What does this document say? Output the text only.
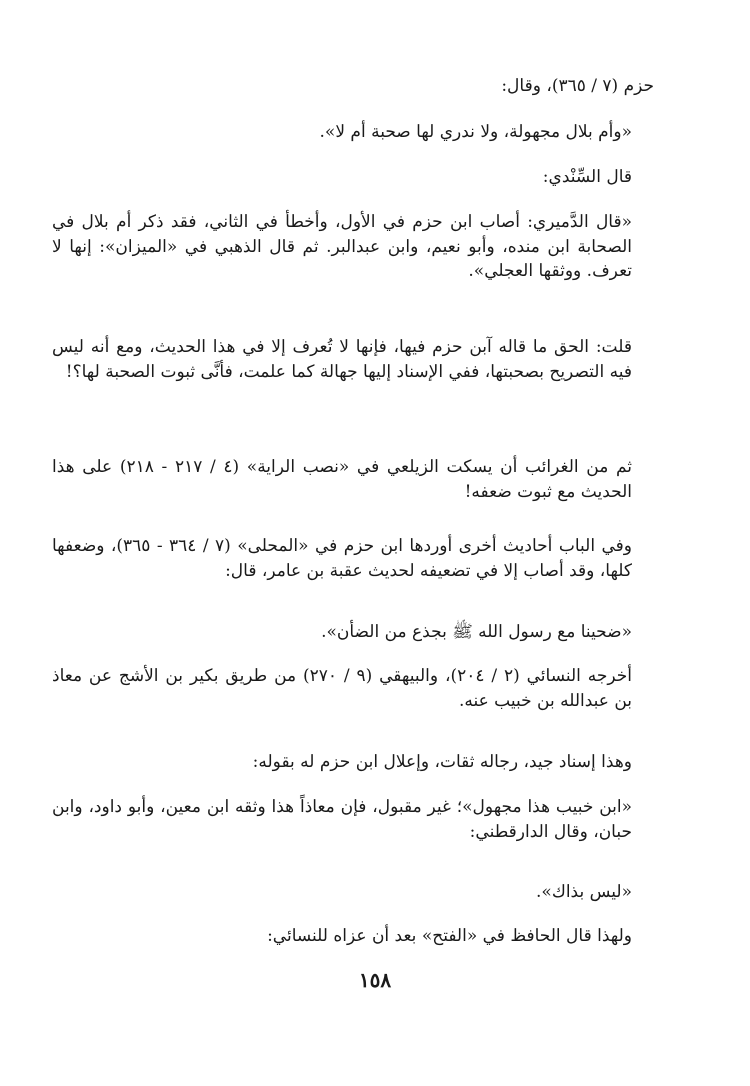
حزم (٧ / ٣٦٥)، وقال:
«وأم بلال مجهولة، ولا ندري لها صحبة أم لا».
قال السِّنْدي:
«قال الدَّميري: أصاب ابن حزم في الأول، وأخطأ في الثاني، فقد ذكر أم بلال في الصحابة ابن منده، وأبو نعيم، وابن عبدالبر. ثم قال الذهبي في «الميزان»: إنها لا تعرف. ووثقها العجلي».
قلت: الحق ما قاله آبن حزم فيها، فإنها لا تُعرف إلا في هذا الحديث، ومع أنه ليس فيه التصريح بصحبتها، ففي الإسناد إليها جهالة كما علمت، فأنَّى ثبوت الصحبة لها؟!
ثم من الغرائب أن يسكت الزيلعي في «نصب الراية» (٤ / ٢١٧ - ٢١٨) على هذا الحديث مع ثبوت ضعفه!
وفي الباب أحاديث أخرى أوردها ابن حزم في «المحلى» (٧ / ٣٦٤ - ٣٦٥)، وضعفها كلها، وقد أصاب إلا في تضعيفه لحديث عقبة بن عامر، قال:
«ضحينا مع رسول الله ﷺ بجذع من الضأن».
أخرجه النسائي (٢ / ٢٠٤)، والبيهقي (٩ / ٢٧٠) من طريق بكير بن الأشج عن معاذ بن عبدالله بن خبيب عنه.
وهذا إسناد جيد، رجاله ثقات، وإعلال ابن حزم له بقوله:
«ابن خبيب هذا مجهول»؛ غير مقبول، فإن معاذاً هذا وثقه ابن معين، وأبو داود، وابن حبان، وقال الدارقطني:
«ليس بذاك».
ولهذا قال الحافظ في «الفتح» بعد أن عزاه للنسائي:
١٥٨
